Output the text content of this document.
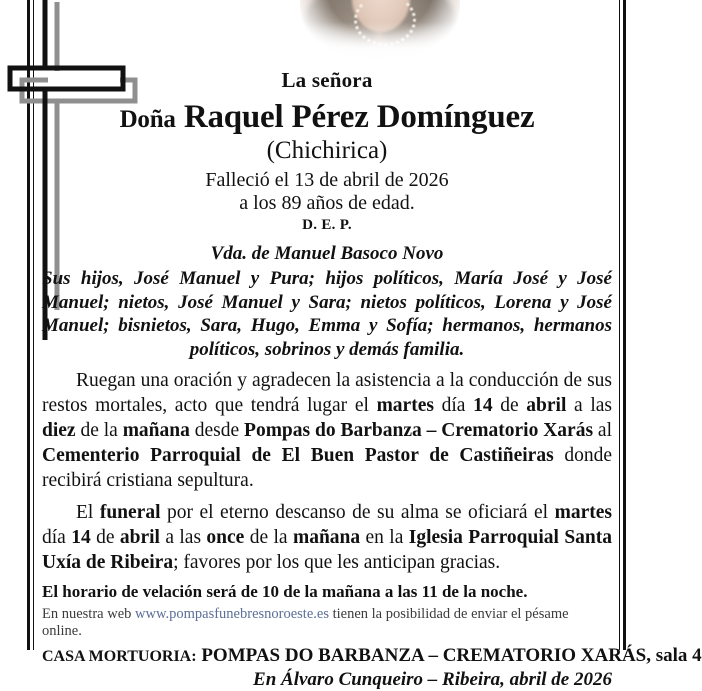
La señora
Doña Raquel Pérez Domínguez
(Chichirica)
Falleció el 13 de abril de 2026
a los 89 años de edad.
D. E. P.
Vda. de Manuel Basoco Novo
Sus hijos, José Manuel y Pura; hijos políticos, María José y José Manuel; nietos, José Manuel y Sara; nietos políticos, Lorena y José Manuel; bisnietos, Sara, Hugo, Emma y Sofía; hermanos, hermanos políticos, sobrinos y demás familia.
Ruegan una oración y agradecen la asistencia a la conducción de sus restos mortales, acto que tendrá lugar el martes día 14 de abril a las diez de la mañana desde Pompas do Barbanza – Crematorio Xarás al Cementerio Parroquial de El Buen Pastor de Castiñeiras donde recibirá cristiana sepultura.
El funeral por el eterno descanso de su alma se oficiará el martes día 14 de abril a las once de la mañana en la Iglesia Parroquial Santa Uxía de Ribeira; favores por los que les anticipan gracias.
El horario de velación será de 10 de la mañana a las 11 de la noche.
En nuestra web www.pompasfunebresnoroeste.es tienen la posibilidad de enviar el pésame online.
CASA MORTUORIA: POMPAS DO BARBANZA – CREMATORIO XARÁS, sala 4
En Álvaro Cunqueiro – Ribeira, abril de 2026
